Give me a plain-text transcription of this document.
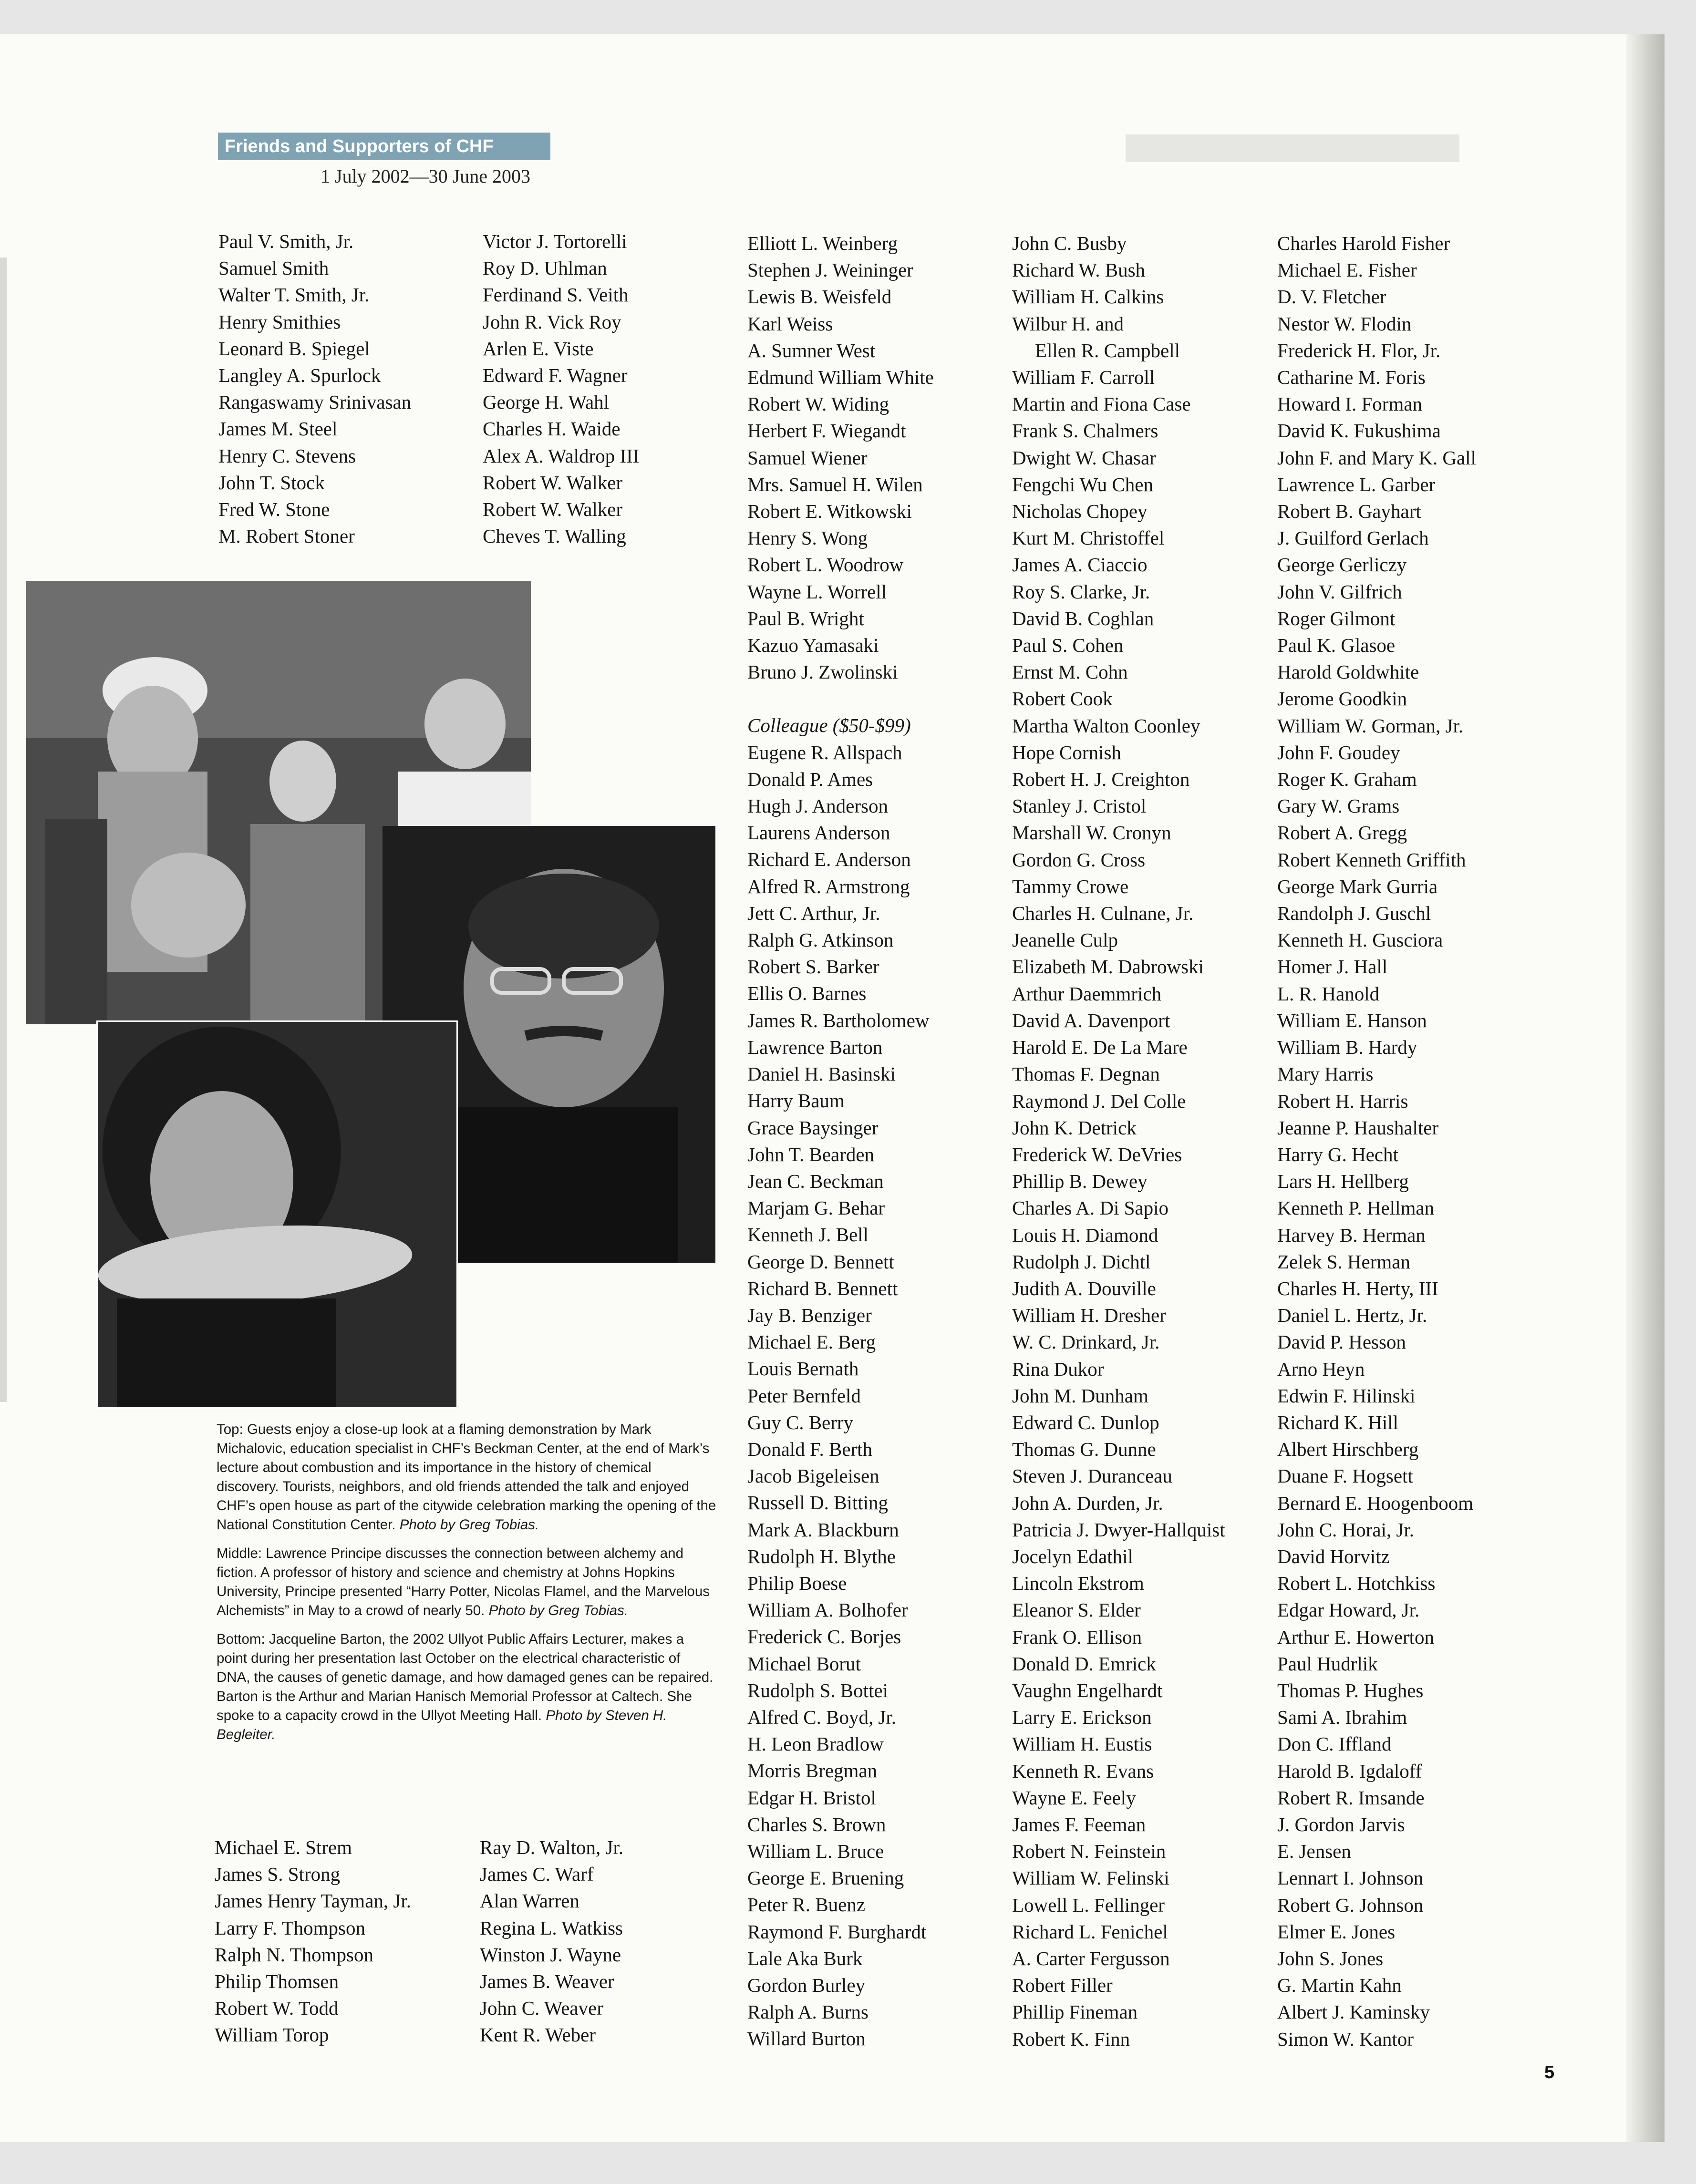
Friends and Supporters of CHF
1 July 2002—30 June 2003
Paul V. Smith, Jr.
Samuel Smith
Walter T. Smith, Jr.
Henry Smithies
Leonard B. Spiegel
Langley A. Spurlock
Rangaswamy Srinivasan
James M. Steel
Henry C. Stevens
John T. Stock
Fred W. Stone
M. Robert Stoner
Victor J. Tortorelli
Roy D. Uhlman
Ferdinand S. Veith
John R. Vick Roy
Arlen E. Viste
Edward F. Wagner
George H. Wahl
Charles H. Waide
Alex A. Waldrop III
Robert W. Walker
Robert W. Walker
Cheves T. Walling

Top: Guests enjoy a close-up look at a flaming demonstration by Mark Michalovic, education specialist in CHF’s Beckman Center, at the end of Mark’s lecture about combustion and its importance in the history of chemical discovery. Tourists, neighbors, and old friends attended the talk and enjoyed CHF’s open house as part of the citywide celebration marking the opening of the National Constitution Center. Photo by Greg Tobias.

Middle: Lawrence Principe discusses the connection between alchemy and fiction. A professor of history and science and chemistry at Johns Hopkins University, Principe presented “Harry Potter, Nicolas Flamel, and the Marvelous Alchemists” in May to a crowd of nearly 50. Photo by Greg Tobias.

Bottom: Jacqueline Barton, the 2002 Ullyot Public Affairs Lecturer, makes a point during her presentation last October on the electrical characteristic of DNA, the causes of genetic damage, and how damaged genes can be repaired. Barton is the Arthur and Marian Hanisch Memorial Professor at Caltech. She spoke to a capacity crowd in the Ullyot Meeting Hall. Photo by Steven H. Begleiter.

Michael E. Strem
James S. Strong
James Henry Tayman, Jr.
Larry F. Thompson
Ralph N. Thompson
Philip Thomsen
Robert W. Todd
William Torop
Ray D. Walton, Jr.
James C. Warf
Alan Warren
Regina L. Watkiss
Winston J. Wayne
James B. Weaver
John C. Weaver
Kent R. Weber
Elliott L. Weinberg
Stephen J. Weininger
Lewis B. Weisfeld
Karl Weiss
A. Sumner West
Edmund William White
Robert W. Widing
Herbert F. Wiegandt
Samuel Wiener
Mrs. Samuel H. Wilen
Robert E. Witkowski
Henry S. Wong
Robert L. Woodrow
Wayne L. Worrell
Paul B. Wright
Kazuo Yamasaki
Bruno J. Zwolinski
Colleague ($50-$99)
Eugene R. Allspach
Donald P. Ames
Hugh J. Anderson
Laurens Anderson
Richard E. Anderson
Alfred R. Armstrong
Jett C. Arthur, Jr.
Ralph G. Atkinson
Robert S. Barker
Ellis O. Barnes
James R. Bartholomew
Lawrence Barton
Daniel H. Basinski
Harry Baum
Grace Baysinger
John T. Bearden
Jean C. Beckman
Marjam G. Behar
Kenneth J. Bell
George D. Bennett
Richard B. Bennett
Jay B. Benziger
Michael E. Berg
Louis Bernath
Peter Bernfeld
Guy C. Berry
Donald F. Berth
Jacob Bigeleisen
Russell D. Bitting
Mark A. Blackburn
Rudolph H. Blythe
Philip Boese
William A. Bolhofer
Frederick C. Borjes
Michael Borut
Rudolph S. Bottei
Alfred C. Boyd, Jr.
H. Leon Bradlow
Morris Bregman
Edgar H. Bristol
Charles S. Brown
William L. Bruce
George E. Bruening
Peter R. Buenz
Raymond F. Burghardt
Lale Aka Burk
Gordon Burley
Ralph A. Burns
Willard Burton
John C. Busby
Richard W. Bush
William H. Calkins
Wilbur H. and
Ellen R. Campbell
William F. Carroll
Martin and Fiona Case
Frank S. Chalmers
Dwight W. Chasar
Fengchi Wu Chen
Nicholas Chopey
Kurt M. Christoffel
James A. Ciaccio
Roy S. Clarke, Jr.
David B. Coghlan
Paul S. Cohen
Ernst M. Cohn
Robert Cook
Martha Walton Coonley
Hope Cornish
Robert H. J. Creighton
Stanley J. Cristol
Marshall W. Cronyn
Gordon G. Cross
Tammy Crowe
Charles H. Culnane, Jr.
Jeanelle Culp
Elizabeth M. Dabrowski
Arthur Daemmrich
David A. Davenport
Harold E. De La Mare
Thomas F. Degnan
Raymond J. Del Colle
John K. Detrick
Frederick W. DeVries
Phillip B. Dewey
Charles A. Di Sapio
Louis H. Diamond
Rudolph J. Dichtl
Judith A. Douville
William H. Dresher
W. C. Drinkard, Jr.
Rina Dukor
John M. Dunham
Edward C. Dunlop
Thomas G. Dunne
Steven J. Duranceau
John A. Durden, Jr.
Patricia J. Dwyer-Hallquist
Jocelyn Edathil
Lincoln Ekstrom
Eleanor S. Elder
Frank O. Ellison
Donald D. Emrick
Vaughn Engelhardt
Larry E. Erickson
William H. Eustis
Kenneth R. Evans
Wayne E. Feely
James F. Feeman
Robert N. Feinstein
William W. Felinski
Lowell L. Fellinger
Richard L. Fenichel
A. Carter Fergusson
Robert Filler
Phillip Fineman
Robert K. Finn
Charles Harold Fisher
Michael E. Fisher
D. V. Fletcher
Nestor W. Flodin
Frederick H. Flor, Jr.
Catharine M. Foris
Howard I. Forman
David K. Fukushima
John F. and Mary K. Gall
Lawrence L. Garber
Robert B. Gayhart
J. Guilford Gerlach
George Gerliczy
John V. Gilfrich
Roger Gilmont
Paul K. Glasoe
Harold Goldwhite
Jerome Goodkin
William W. Gorman, Jr.
John F. Goudey
Roger K. Graham
Gary W. Grams
Robert A. Gregg
Robert Kenneth Griffith
George Mark Gurria
Randolph J. Guschl
Kenneth H. Gusciora
Homer J. Hall
L. R. Hanold
William E. Hanson
William B. Hardy
Mary Harris
Robert H. Harris
Jeanne P. Haushalter
Harry G. Hecht
Lars H. Hellberg
Kenneth P. Hellman
Harvey B. Herman
Zelek S. Herman
Charles H. Herty, III
Daniel L. Hertz, Jr.
David P. Hesson
Arno Heyn
Edwin F. Hilinski
Richard K. Hill
Albert Hirschberg
Duane F. Hogsett
Bernard E. Hoogenboom
John C. Horai, Jr.
David Horvitz
Robert L. Hotchkiss
Edgar Howard, Jr.
Arthur E. Howerton
Paul Hudrlik
Thomas P. Hughes
Sami A. Ibrahim
Don C. Iffland
Harold B. Igdaloff
Robert R. Imsande
J. Gordon Jarvis
E. Jensen
Lennart I. Johnson
Robert G. Johnson
Elmer E. Jones
John S. Jones
G. Martin Kahn
Albert J. Kaminsky
Simon W. Kantor
5
